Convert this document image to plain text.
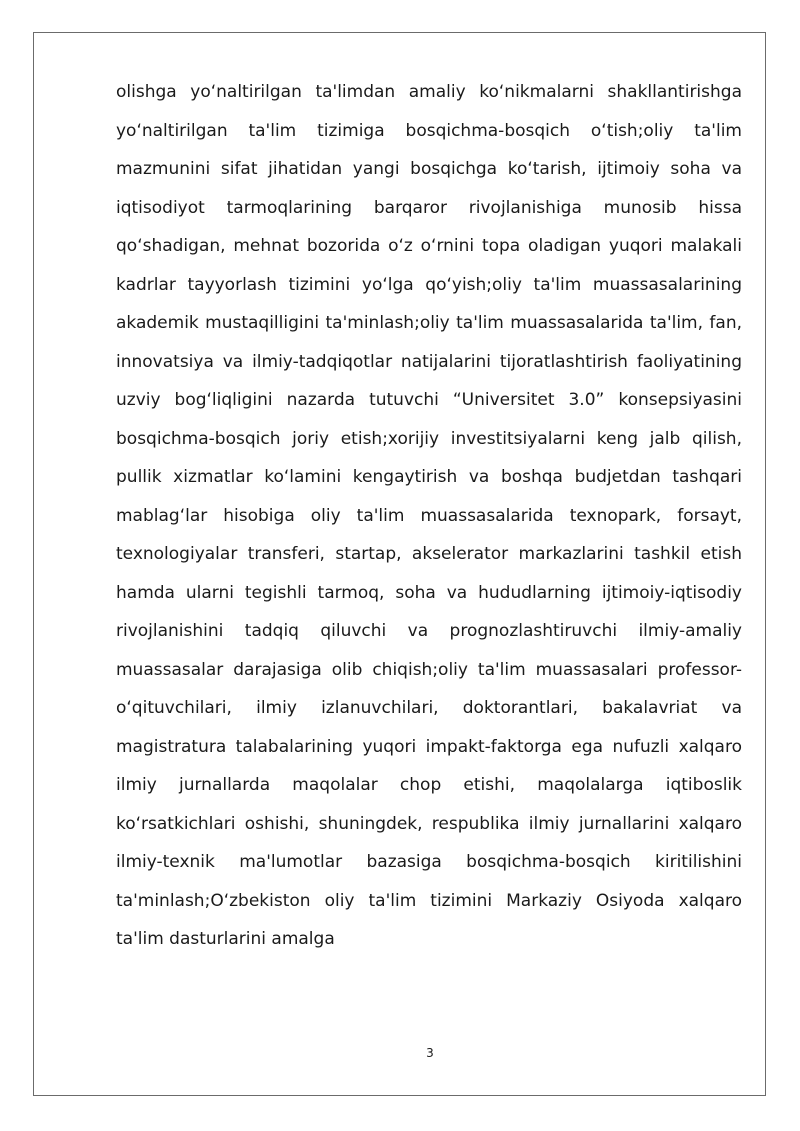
olishga yo‘naltirilgan ta'limdan amaliy ko‘nikmalarni shakllantirishga yo‘naltirilgan ta'lim tizimiga bosqichma-bosqich o‘tish;oliy ta'lim mazmunini sifat jihatidan yangi bosqichga ko‘tarish, ijtimoiy soha va iqtisodiyot tarmoqlarining barqaror rivojlanishiga munosib hissa qo‘shadigan, mehnat bozorida o‘z o‘rnini topa oladigan yuqori malakali kadrlar tayyorlash tizimini yo‘lga qo‘yish;oliy ta'lim muassasalarining akademik mustaqilligini ta'minlash;oliy ta'lim muassasalarida ta'lim, fan, innovatsiya va ilmiy-tadqiqotlar natijalarini tijoratlashtirish faoliyatining uzviy bog‘liqligini nazarda tutuvchi “Universitet 3.0” konsepsiyasini bosqichma-bosqich joriy etish;xorijiy investitsiyalarni keng jalb qilish, pullik xizmatlar ko‘lamini kengaytirish va boshqa budjetdan tashqari mablag‘lar hisobiga oliy ta'lim muassasalarida texnopark, forsayt, texnologiyalar transferi, startap, akselerator markazlarini tashkil etish hamda ularni tegishli tarmoq, soha va hududlarning ijtimoiy-iqtisodiy rivojlanishini tadqiq qiluvchi va prognozlashtiruvchi ilmiy-amaliy muassasalar darajasiga olib chiqish;oliy ta'lim muassasalari professor-o‘qituvchilari, ilmiy izlanuvchilari, doktorantlari, bakalavriat va magistratura talabalarining yuqori impakt-faktorga ega nufuzli xalqaro ilmiy jurnallarda maqolalar chop etishi, maqolalarga iqtiboslik ko‘rsatkichlari oshishi, shuningdek, respublika ilmiy jurnallarini xalqaro ilmiy-texnik ma'lumotlar bazasiga bosqichma-bosqich kiritilishini ta'minlash;O‘zbekiston oliy ta'lim tizimini Markaziy Osiyoda xalqaro ta'lim dasturlarini amalga

3
